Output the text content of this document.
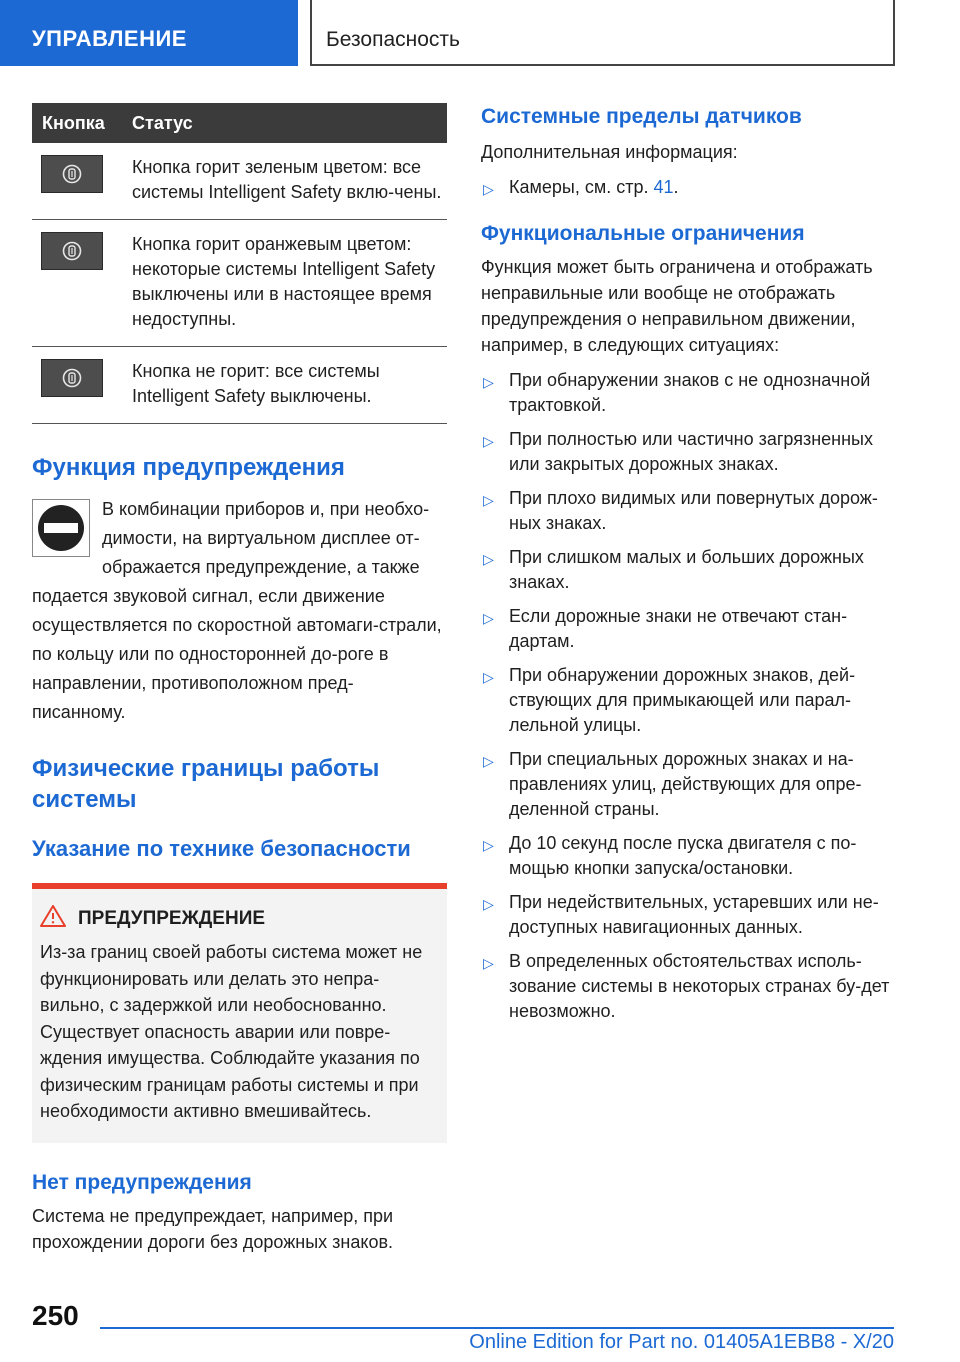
УПРАВЛЕНИЕ	Безопасность
Кнопка	Статус

	Кнопка горит зеленым цветом: все системы Intelligent Safety вклю-чены.

	Кнопка горит оранжевым цветом: некоторые системы Intelligent Safety выключены или в настоящее время недоступны.

	Кнопка не горит: все системы Intelligent Safety выключены.
Функция предупреждения

В комбинации приборов и, при необхо-димости, на виртуальном дисплее от-ображается предупреждение, а также подается звуковой сигнал, если движение осуществляется по скоростной автомаги-страли, по кольцу или по односторонней до-роге в направлении, противоположном пред-писанному.

Физические границы работы системы
Указание по технике безопасности
ПРЕДУПРЕЖДЕНИЕ

Из-за границ своей работы система может не функционировать или делать это непра-вильно, с задержкой или необоснованно. Существует опасность аварии или повре-ждения имущества. Соблюдайте указания по физическим границам работы системы и при необходимости активно вмешивайтесь.

Нет предупреждения

Система не предупреждает, например, при прохождении дороги без дорожных знаков.

Системные пределы датчиков

Дополнительная информация:

▷ Камеры, см. стр. 41.
Функциональные ограничения

Функция может быть ограничена и отображать неправильные или вообще не отображать предупреждения о неправильном движении, например, в следующих ситуациях:

▷ При обнаружении знаков с не однозначной трактовкой.
▷ При полностью или частично загрязненных или закрытых дорожных знаках.
▷ При плохо видимых или повернутых дорож-ных знаках.
▷ При слишком малых и больших дорожных знаках.
▷ Если дорожные знаки не отвечают стан-дартам.
▷ При обнаружении дорожных знаков, дей-ствующих для примыкающей или парал-лельной улицы.
▷ При специальных дорожных знаках и на-правлениях улиц, действующих для опре-деленной страны.
▷ До 10 секунд после пуска двигателя с по-мощью кнопки запуска/остановки.
▷ При недействительных, устаревших или не-доступных навигационных данных.
▷ В определенных обстоятельствах исполь-зование системы в некоторых странах бу-дет невозможно.
250
Online Edition for Part no. 01405A1EBB8 - X/20
